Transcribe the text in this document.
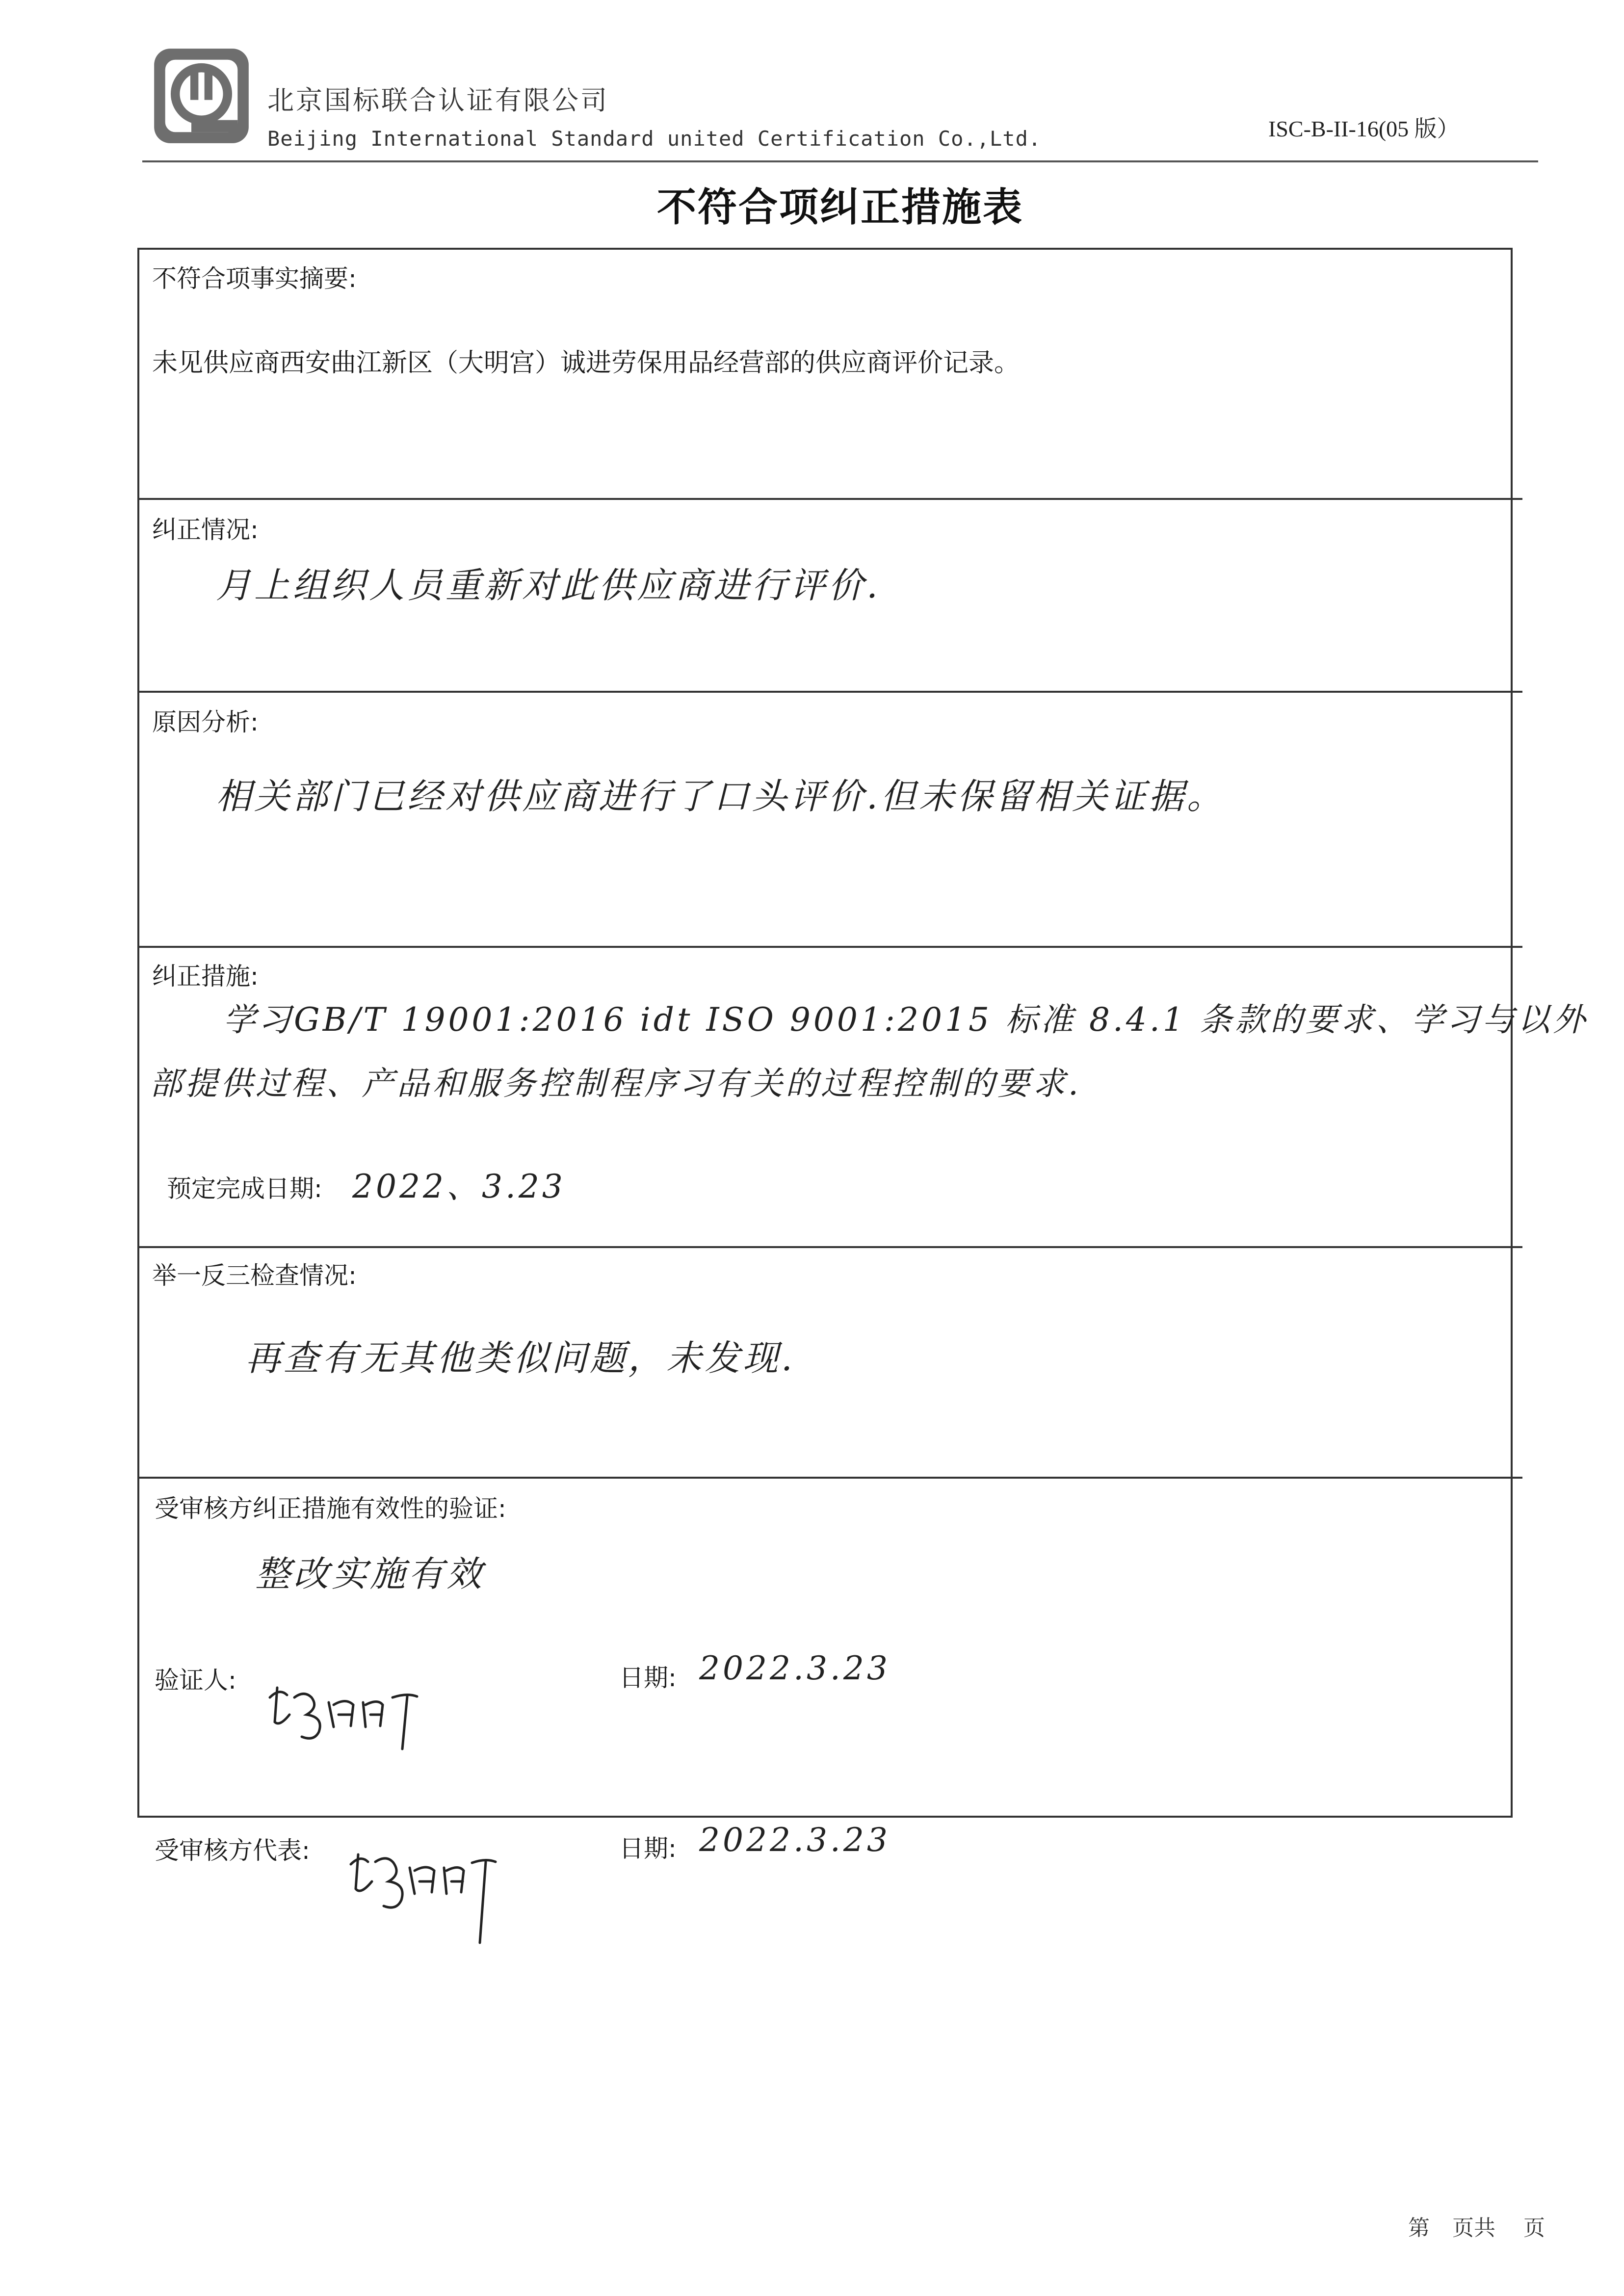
北京国标联合认证有限公司
Beijing International Standard united Certification Co.,Ltd.	ISC-B-II-16(05 版）
不符合项纠正措施表
不符合项事实摘要:
未见供应商西安曲江新区（大明宫）诚进劳保用品经营部的供应商评价记录。
纠正情况:
月上组织人员重新对此供应商进行评价.
原因分析:
相关部门已经对供应商进行了口头评价.但未保留相关证据。
纠正措施:
学习GB/T 19001:2016 idt ISO 9001:2015 标准 8.4.1 条款的要求、学习与以外
部提供过程、产品和服务控制程序习有关的过程控制的要求.
预定完成日期: 2022、3.23
举一反三检查情况:
再查有无其他类似问题，未发现.
受审核方纠正措施有效性的验证:
整改实施有效
验证人:	日期: 2022.3.23
受审核方代表:	日期: 2022.3.23
第 页共 页
